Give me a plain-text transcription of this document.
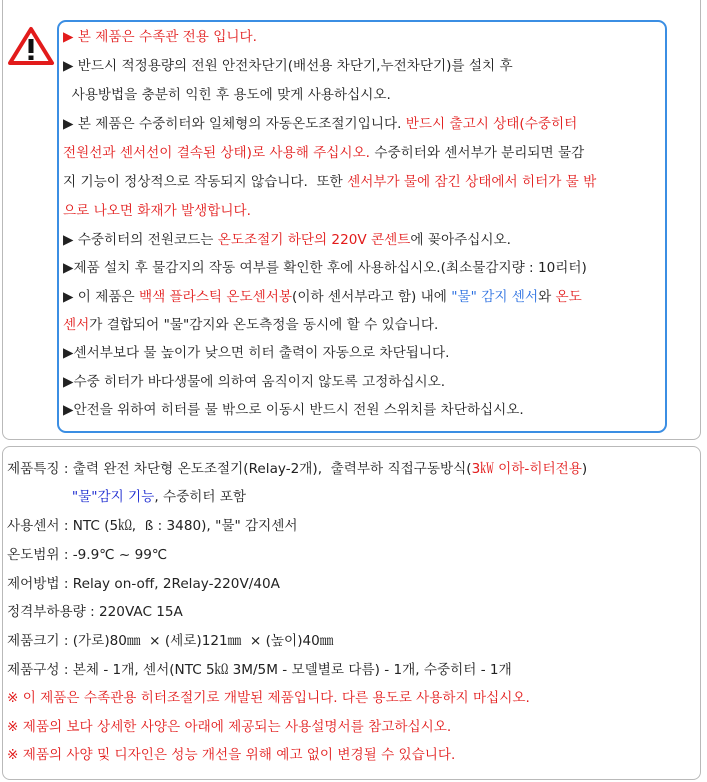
▶ 본 제품은 수족관 전용 입니다.
▶ 반드시 적정용량의 전원 안전차단기(배선용 차단기,누전차단기)를 설치 후
사용방법을 충분히 익힌 후 용도에 맞게 사용하십시오.
▶ 본 제품은 수중히터와 일체형의 자동온도조절기입니다. 반드시 출고시 상태(수중히터
전원선과 센서선이 결속된 상태)로 사용해 주십시오. 수중히터와 센서부가 분리되면 물감
지 기능이 정상적으로 작동되지 않습니다.  또한 센서부가 물에 잠긴 상태에서 히터가 물 밖
으로 나오면 화재가 발생합니다.
▶ 수중히터의 전원코드는 온도조절기 하단의 220V 콘센트에 꽂아주십시오.
▶제품 설치 후 물감지의 작동 여부를 확인한 후에 사용하십시오.(최소물감지량 : 10리터)
▶ 이 제품은 백색 플라스틱 온도센서봉(이하 센서부라고 함) 내에 "물" 감지 센서와 온도
센서가 결합되어 "물"감지와 온도측정을 동시에 할 수 있습니다.
▶센서부보다 물 높이가 낮으면 히터 출력이 자동으로 차단됩니다.
▶수중 히터가 바다생물에 의하여 움직이지 않도록 고정하십시오.
▶안전을 위하여 히터를 물 밖으로 이동시 반드시 전원 스위치를 차단하십시오.
제품특징 : 출력 완전 차단형 온도조절기(Relay-2개),  출력부하 직접구동방식(3㎾ 이하-히터전용)
"물"감지 기능, 수중히터 포함
사용센서 : NTC (5㏀,  ß : 3480), "물" 감지센서
온도범위 : -9.9℃ ~ 99℃
제어방법 : Relay on-off, 2Relay-220V/40A
정격부하용량 : 220VAC 15A
제품크기 : (가로)80㎜  × (세로)121㎜  × (높이)40㎜
제품구성 : 본체 - 1개, 센서(NTC 5㏀ 3M/5M - 모델별로 다름) - 1개, 수중히터 - 1개
※ 이 제품은 수족관용 히터조절기로 개발된 제품입니다. 다른 용도로 사용하지 마십시오.
※ 제품의 보다 상세한 사양은 아래에 제공되는 사용설명서를 참고하십시오.
※ 제품의 사양 및 디자인은 성능 개선을 위해 예고 없이 변경될 수 있습니다.
